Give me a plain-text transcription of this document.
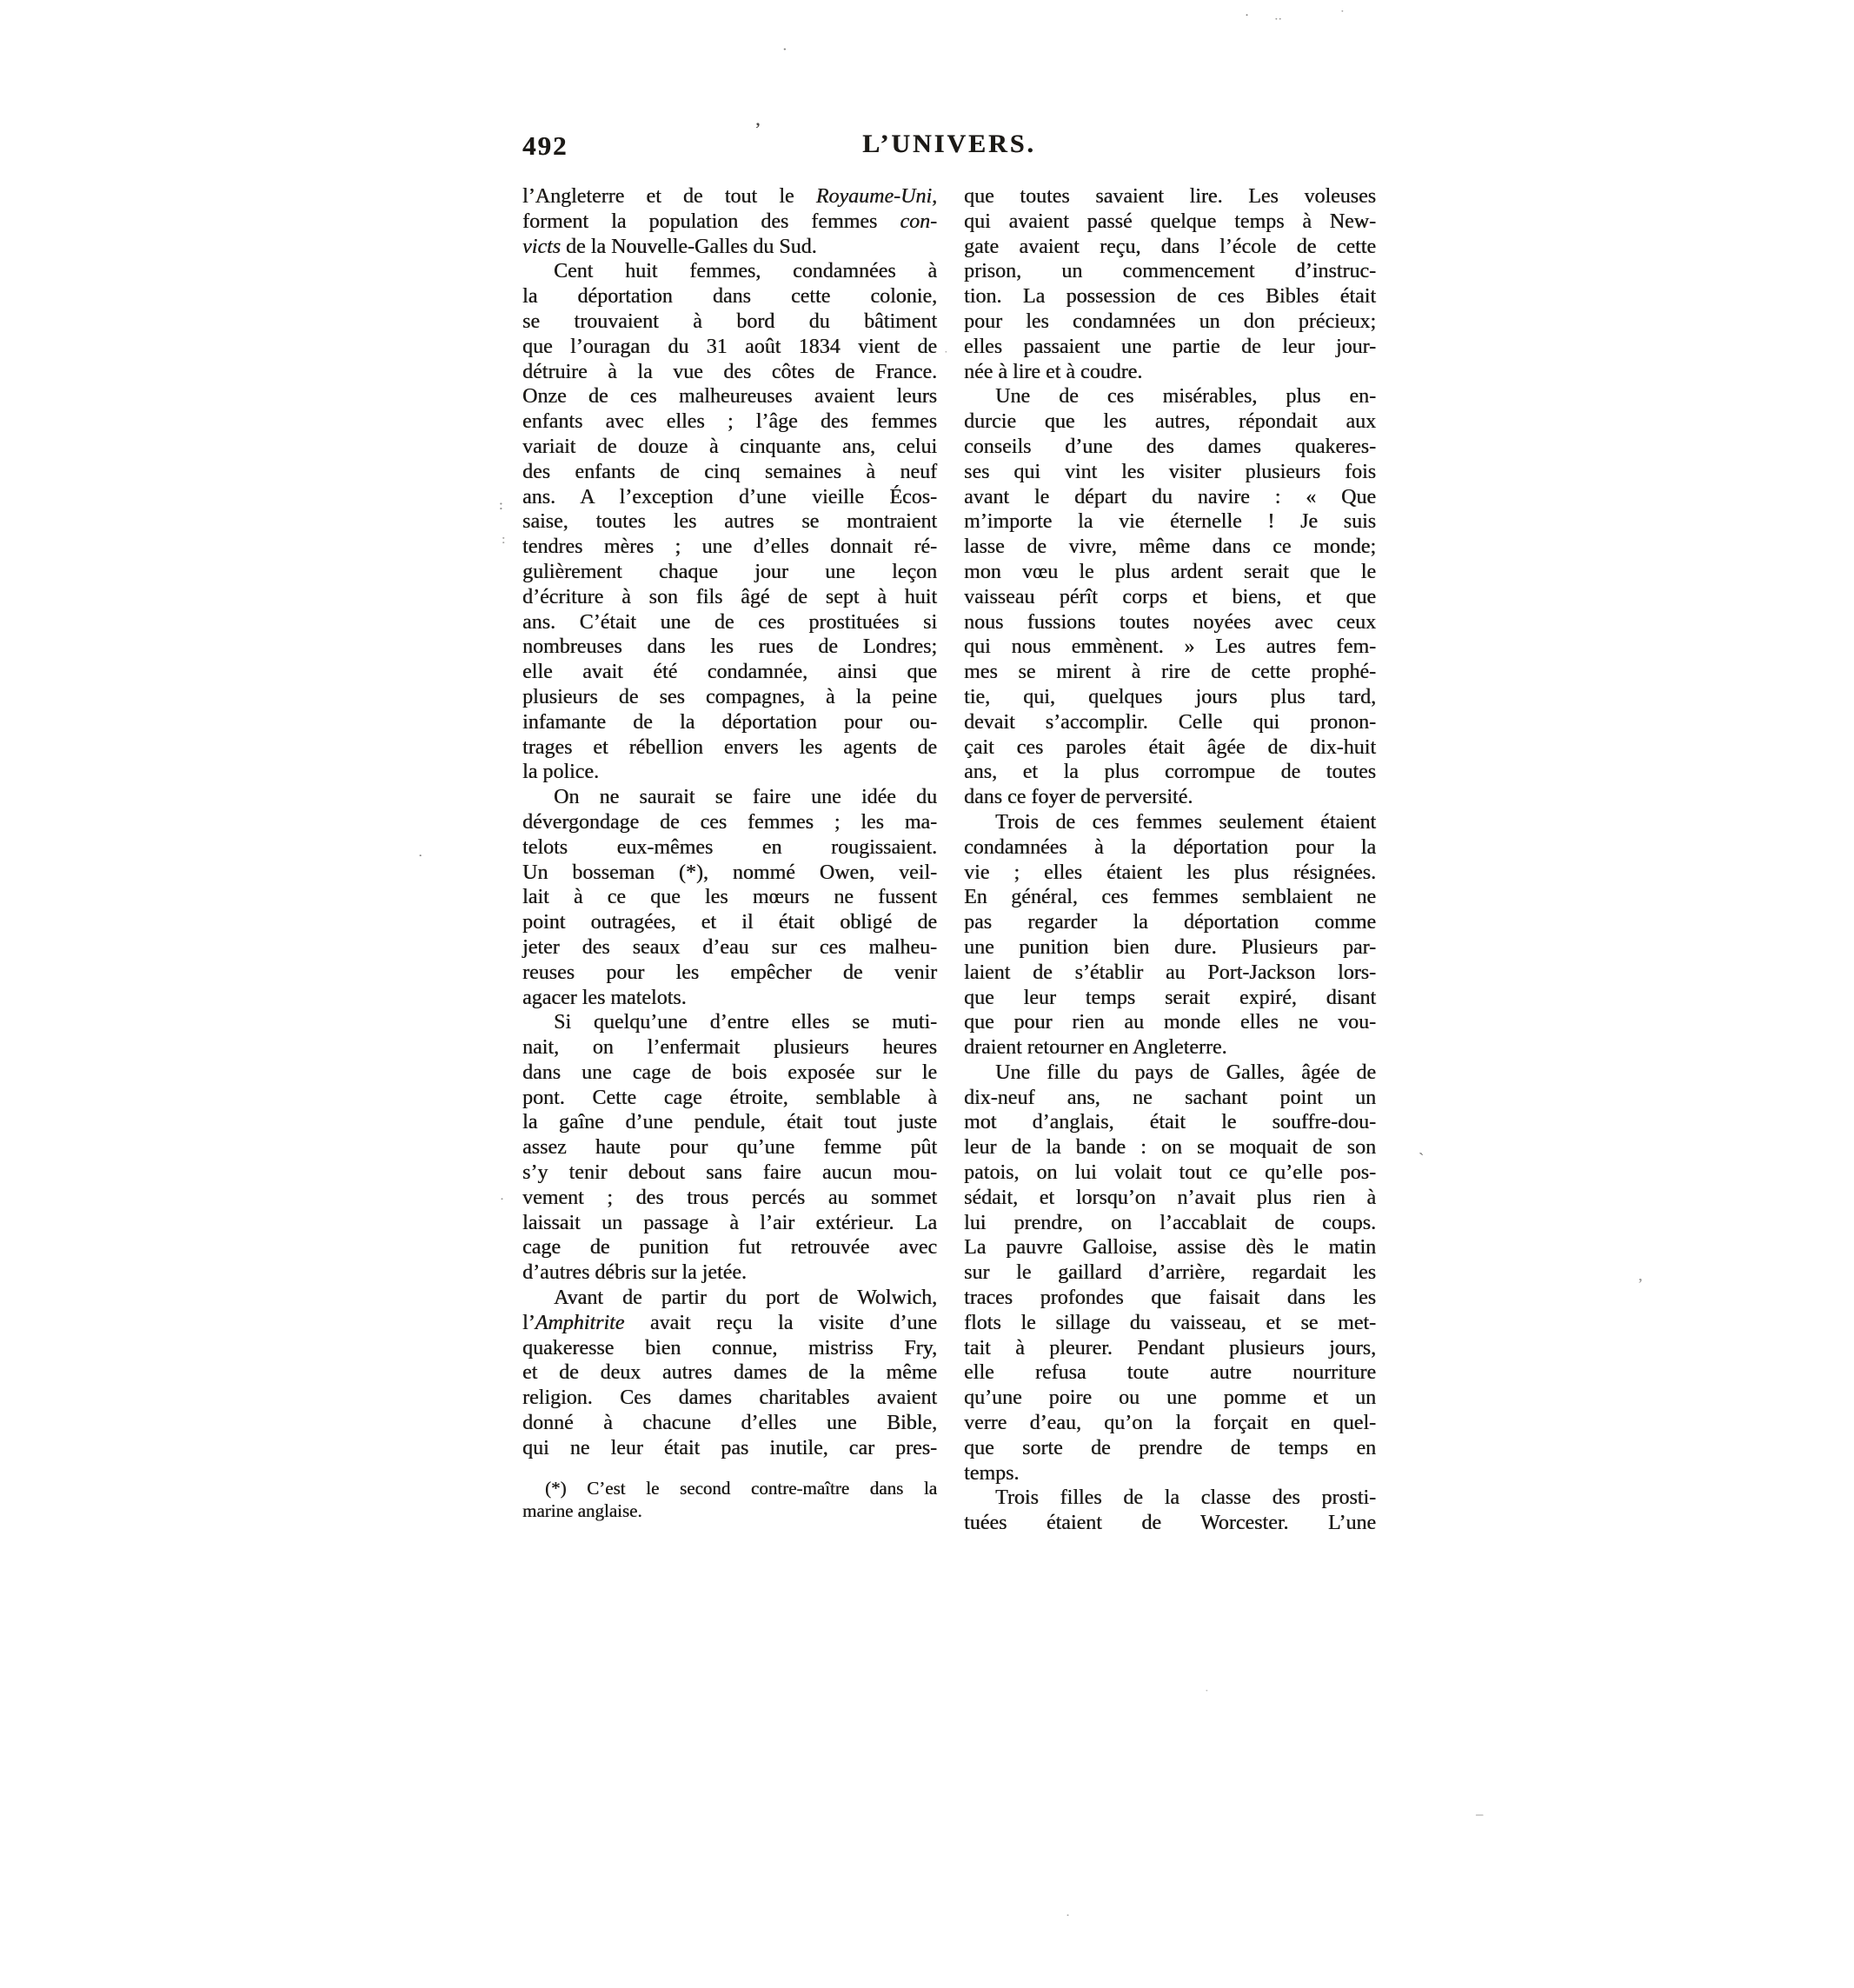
492	L’UNIVERS.
l’Angleterre et de tout le Royaume-Uni,
forment la population des femmes con-
victs de la Nouvelle-Galles du Sud.
Cent huit femmes, condamnées à
la déportation dans cette colonie,
se trouvaient à bord du bâtiment
que l’ouragan du 31 août 1834 vient de
détruire à la vue des côtes de France.
Onze de ces malheureuses avaient leurs
enfants avec elles ; l’âge des femmes
variait de douze à cinquante ans, celui
des enfants de cinq semaines à neuf
ans. A l’exception d’une vieille Écos-
saise, toutes les autres se montraient
tendres mères ; une d’elles donnait ré-
gulièrement chaque jour une leçon
d’écriture à son fils âgé de sept à huit
ans. C’était une de ces prostituées si
nombreuses dans les rues de Londres;
elle avait été condamnée, ainsi que
plusieurs de ses compagnes, à la peine
infamante de la déportation pour ou-
trages et rébellion envers les agents de
la police.
On ne saurait se faire une idée du
dévergondage de ces femmes ; les ma-
telots eux-mêmes en rougissaient.
Un bosseman (*), nommé Owen, veil-
lait à ce que les mœurs ne fussent
point outragées, et il était obligé de
jeter des seaux d’eau sur ces malheu-
reuses pour les empêcher de venir
agacer les matelots.
Si quelqu’une d’entre elles se muti-
nait, on l’enfermait plusieurs heures
dans une cage de bois exposée sur le
pont. Cette cage étroite, semblable à
la gaîne d’une pendule, était tout juste
assez haute pour qu’une femme pût
s’y tenir debout sans faire aucun mou-
vement ; des trous percés au sommet
laissait un passage à l’air extérieur. La
cage de punition fut retrouvée avec
d’autres débris sur la jetée.
Avant de partir du port de Wolwich,
l’Amphitrite avait reçu la visite d’une
quakeresse bien connue, mistriss Fry,
et de deux autres dames de la même
religion. Ces dames charitables avaient
donné à chacune d’elles une Bible,
qui ne leur était pas inutile, car pres-
que toutes savaient lire. Les voleuses
qui avaient passé quelque temps à New-
gate avaient reçu, dans l’école de cette
prison, un commencement d’instruc-
tion. La possession de ces Bibles était
pour les condamnées un don précieux;
elles passaient une partie de leur jour-
née à lire et à coudre.
Une de ces misérables, plus en-
durcie que les autres, répondait aux
conseils d’une des dames quakeres-
ses qui vint les visiter plusieurs fois
avant le départ du navire : « Que
m’importe la vie éternelle ! Je suis
lasse de vivre, même dans ce monde;
mon vœu le plus ardent serait que le
vaisseau pérît corps et biens, et que
nous fussions toutes noyées avec ceux
qui nous emmènent. » Les autres fem-
mes se mirent à rire de cette prophé-
tie, qui, quelques jours plus tard,
devait s’accomplir. Celle qui pronon-
çait ces paroles était âgée de dix-huit
ans, et la plus corrompue de toutes
dans ce foyer de perversité.
Trois de ces femmes seulement étaient
condamnées à la déportation pour la
vie ; elles étaient les plus résignées.
En général, ces femmes semblaient ne
pas regarder la déportation comme
une punition bien dure. Plusieurs par-
laient de s’établir au Port-Jackson lors-
que leur temps serait expiré, disant
que pour rien au monde elles ne vou-
draient retourner en Angleterre.
Une fille du pays de Galles, âgée de
dix-neuf ans, ne sachant point un
mot d’anglais, était le souffre-dou-
leur de la bande : on se moquait de son
patois, on lui volait tout ce qu’elle pos-
sédait, et lorsqu’on n’avait plus rien à
lui prendre, on l’accablait de coups.
La pauvre Galloise, assise dès le matin
sur le gaillard d’arrière, regardait les
traces profondes que faisait dans les
flots le sillage du vaisseau, et se met-
tait à pleurer. Pendant plusieurs jours,
elle refusa toute autre nourriture
qu’une poire ou une pomme et un
verre d’eau, qu’on la forçait en quel-
que sorte de prendre de temps en
temps.
Trois filles de la classe des prosti-
tuées étaient de Worcester. L’une
(*) C’est le second contre-maître dans la
marine anglaise.
·
· ··
·
’
:
:
·
·
·
`
’
·
–
·
